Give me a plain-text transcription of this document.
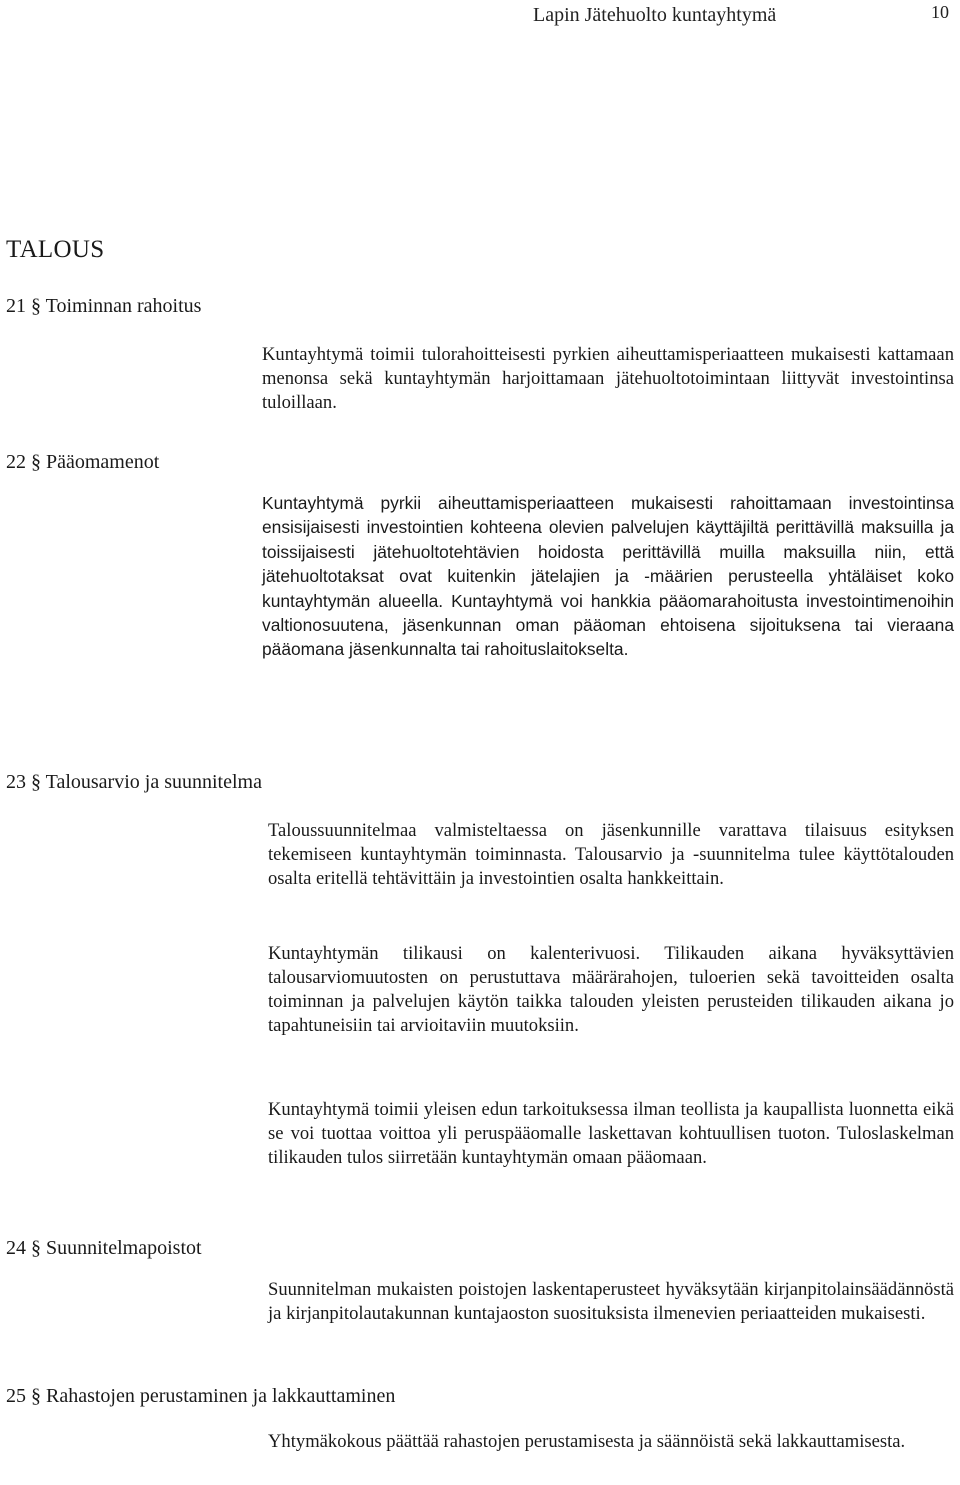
Lapin Jätehuolto kuntayhtymä	10
TALOUS
21 § Toiminnan rahoitus

Kuntayhtymä toimii tulorahoitteisesti pyrkien aiheuttamisperiaatteen mukaisesti kattamaan menonsa sekä kuntayhtymän harjoittamaan jätehuoltotoimintaan liittyvät investointinsa tuloillaan.

22 § Pääomamenot

Kuntayhtymä pyrkii aiheuttamisperiaatteen mukaisesti rahoittamaan investointinsa ensisijaisesti investointien kohteena olevien palvelujen käyttäjiltä perittävillä maksuilla ja toissijaisesti jätehuoltotehtävien hoidosta perittävillä muilla maksuilla niin, että jätehuoltotaksat ovat kuitenkin jätelajien ja -määrien perusteella yhtäläiset koko kuntayhtymän alueella. Kuntayhtymä voi hankkia pääomarahoitusta investointimenoihin valtionosuutena, jäsenkunnan oman pääoman ehtoisena sijoituksena tai vieraana pääomana jäsenkunnalta tai rahoituslaitokselta.

23 § Talousarvio ja suunnitelma

Taloussuunnitelmaa valmisteltaessa on jäsenkunnille varattava tilaisuus esityksen tekemiseen kuntayhtymän toiminnasta. Talousarvio ja -suunnitelma tulee käyttötalouden osalta eritellä tehtävittäin ja investointien osalta hankkeittain.

Kuntayhtymän tilikausi on kalenterivuosi. Tilikauden aikana hyväksyttävien talousarviomuutosten on perustuttava määrärahojen, tuloerien sekä tavoitteiden osalta toiminnan ja palvelujen käytön taikka talouden yleisten perusteiden tilikauden aikana jo tapahtuneisiin tai arvioitaviin muutoksiin.

Kuntayhtymä toimii yleisen edun tarkoituksessa ilman teollista ja kaupallista luonnetta eikä se voi tuottaa voittoa yli peruspääomalle laskettavan kohtuullisen tuoton. Tuloslaskelman tilikauden tulos siirretään kuntayhtymän omaan pääomaan.

24 § Suunnitelmapoistot

Suunnitelman mukaisten poistojen laskentaperusteet hyväksytään kirjanpitolainsäädännöstä ja kirjanpitolautakunnan kuntajaoston suosituksista ilmenevien periaatteiden mukaisesti.

25 § Rahastojen perustaminen ja lakkauttaminen

Yhtymäkokous päättää rahastojen perustamisesta ja säännöistä sekä lakkauttamisesta.
